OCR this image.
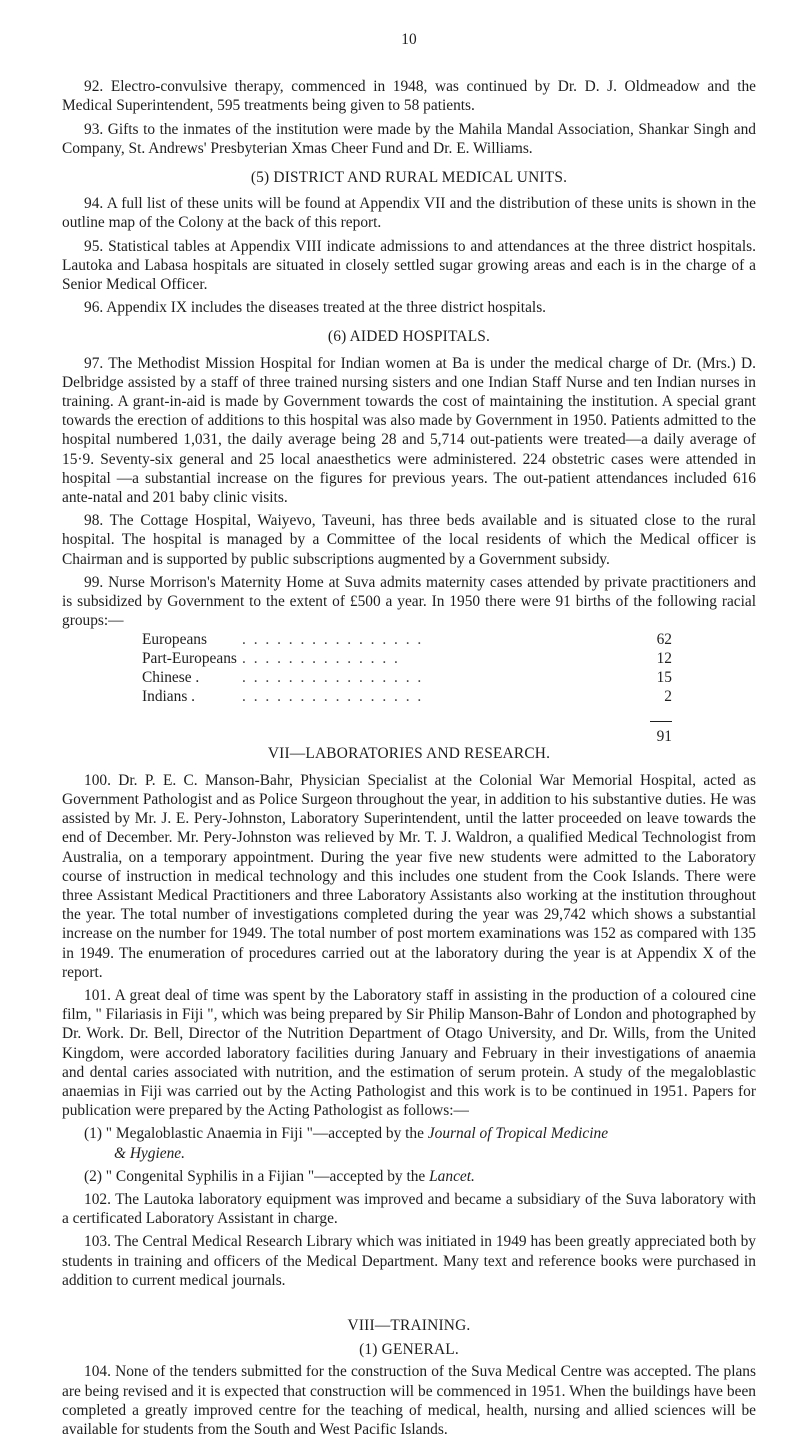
10

92. Electro-convulsive therapy, commenced in 1948, was continued by Dr. D. J. Oldmeadow and the Medical Superintendent, 595 treatments being given to 58 patients.

93. Gifts to the inmates of the institution were made by the Mahila Mandal Association, Shankar Singh and Company, St. Andrews' Presbyterian Xmas Cheer Fund and Dr. E. Williams.

(5) DISTRICT AND RURAL MEDICAL UNITS.

94. A full list of these units will be found at Appendix VII and the distribution of these units is shown in the outline map of the Colony at the back of this report.

95. Statistical tables at Appendix VIII indicate admissions to and attendances at the three district hospitals. Lautoka and Labasa hospitals are situated in closely settled sugar growing areas and each is in the charge of a Senior Medical Officer.

96. Appendix IX includes the diseases treated at the three district hospitals.

(6) AIDED HOSPITALS.

97. The Methodist Mission Hospital for Indian women at Ba is under the medical charge of Dr. (Mrs.) D. Delbridge assisted by a staff of three trained nursing sisters and one Indian Staff Nurse and ten Indian nurses in training. A grant-in-aid is made by Government towards the cost of maintaining the institution. A special grant towards the erection of additions to this hospital was also made by Government in 1950. Patients admitted to the hospital numbered 1,031, the daily average being 28 and 5,714 out-patients were treated—a daily average of 15·9. Seventy-six general and 25 local anaesthetics were administered. 224 obstetric cases were attended in hospital —a substantial increase on the figures for previous years. The out-patient attendances included 616 ante-natal and 201 baby clinic visits.

98. The Cottage Hospital, Waiyevo, Taveuni, has three beds available and is situated close to the rural hospital. The hospital is managed by a Committee of the local residents of which the Medical officer is Chairman and is supported by public subscriptions augmented by a Government subsidy.

99. Nurse Morrison's Maternity Home at Suva admits maternity cases attended by private practitioners and is subsidized by Government to the extent of £500 a year. In 1950 there were 91 births of the following racial groups:—

Europeans	. . . . . . . . . . . . . . . .	62
Part-Europeans	. . . . . . . . . . . . . .	12
Chinese .	. . . . . . . . . . . . . . . .	15
Indians .	. . . . . . . . . . . . . . . .	2

91

VII—LABORATORIES AND RESEARCH.

100. Dr. P. E. C. Manson-Bahr, Physician Specialist at the Colonial War Memorial Hospital, acted as Government Pathologist and as Police Surgeon throughout the year, in addition to his substantive duties. He was assisted by Mr. J. E. Pery-Johnston, Laboratory Superintendent, until the latter proceeded on leave towards the end of December. Mr. Pery-Johnston was relieved by Mr. T. J. Waldron, a qualified Medical Technologist from Australia, on a temporary appointment. During the year five new students were admitted to the Laboratory course of instruction in medical technology and this includes one student from the Cook Islands. There were three Assistant Medical Practitioners and three Laboratory Assistants also working at the institution throughout the year. The total number of investigations completed during the year was 29,742 which shows a substantial increase on the number for 1949. The total number of post mortem examinations was 152 as compared with 135 in 1949. The enumeration of procedures carried out at the laboratory during the year is at Appendix X of the report.

101. A great deal of time was spent by the Laboratory staff in assisting in the production of a coloured cine film, " Filariasis in Fiji ", which was being prepared by Sir Philip Manson-Bahr of London and photographed by Dr. Work. Dr. Bell, Director of the Nutrition Department of Otago University, and Dr. Wills, from the United Kingdom, were accorded laboratory facilities during January and February in their investigations of anaemia and dental caries associated with nutrition, and the estimation of serum protein. A study of the megaloblastic anaemias in Fiji was carried out by the Acting Pathologist and this work is to be continued in 1951. Papers for publication were prepared by the Acting Pathologist as follows:—

(1) " Megaloblastic Anaemia in Fiji "—accepted by the Journal of Tropical Medicine
& Hygiene.

(2) " Congenital Syphilis in a Fijian "—accepted by the Lancet.

102. The Lautoka laboratory equipment was improved and became a subsidiary of the Suva laboratory with a certificated Laboratory Assistant in charge.

103. The Central Medical Research Library which was initiated in 1949 has been greatly appreciated both by students in training and officers of the Medical Department. Many text and reference books were purchased in addition to current medical journals.

VIII—TRAINING.

(1) GENERAL.

104. None of the tenders submitted for the construction of the Suva Medical Centre was accepted. The plans are being revised and it is expected that construction will be commenced in 1951. When the buildings have been completed a greatly improved centre for the teaching of medical, health, nursing and allied sciences will be available for students from the South and West Pacific Islands.
